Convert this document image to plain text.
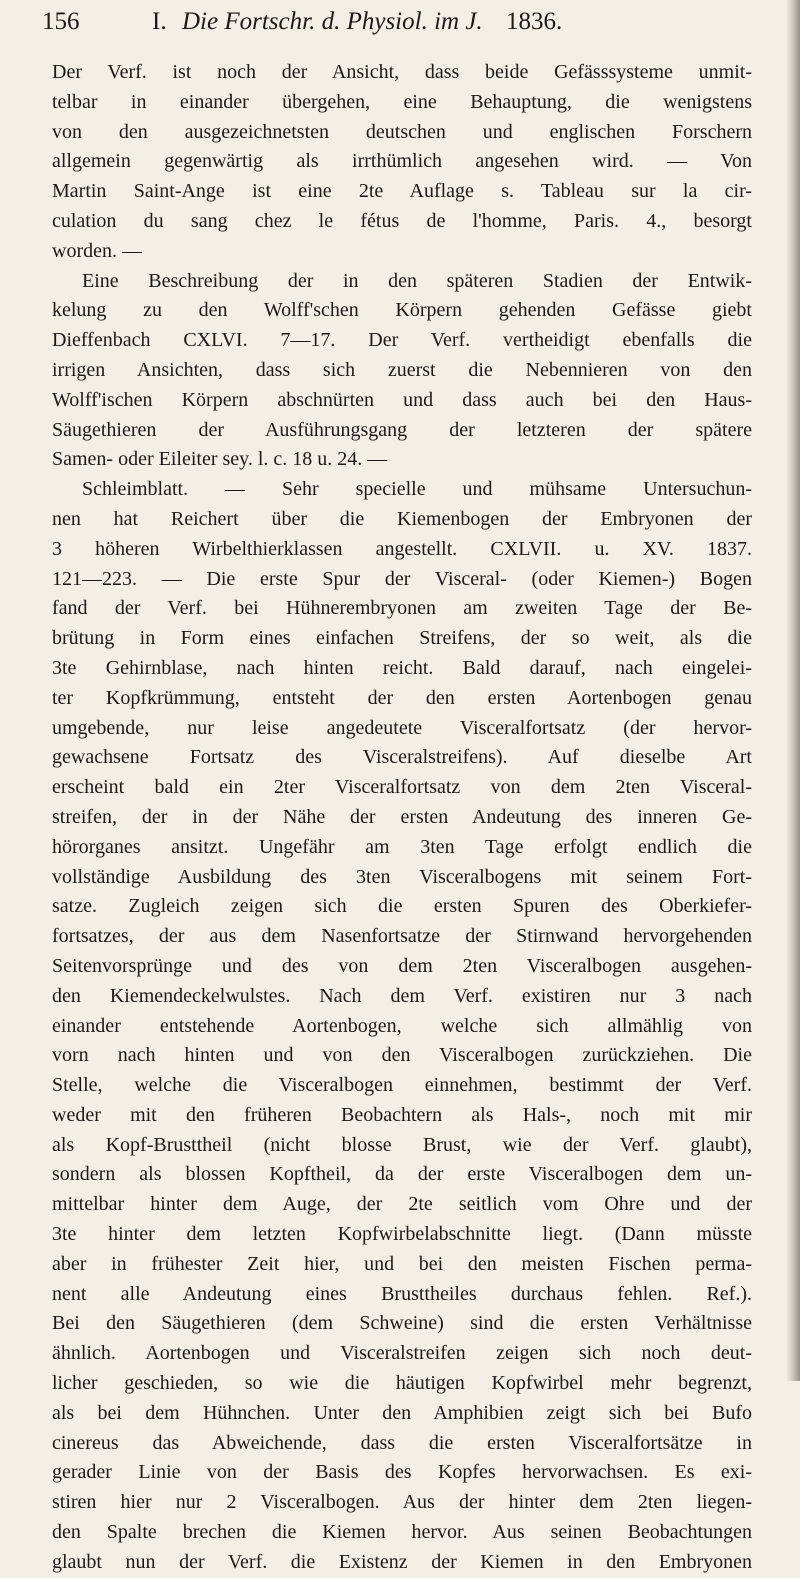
156	I. Die Fortschr. d. Physiol. im J. 1836.
Der Verf. ist noch der Ansicht, dass beide Gefässsysteme unmit-
telbar in einander übergehen, eine Behauptung, die wenigstens
von den ausgezeichnetsten deutschen und englischen Forschern
allgemein gegenwärtig als irrthümlich angesehen wird. — Von
Martin Saint-Ange ist eine 2te Auflage s. Tableau sur la cir-
culation du sang chez le fétus de l'homme, Paris. 4., besorgt
worden. —
Eine Beschreibung der in den späteren Stadien der Entwik-
kelung zu den Wolff'schen Körpern gehenden Gefässe giebt
Dieffenbach CXLVI. 7—17. Der Verf. vertheidigt ebenfalls die
irrigen Ansichten, dass sich zuerst die Nebennieren von den
Wolff'ischen Körpern abschnürten und dass auch bei den Haus-
Säugethieren der Ausführungsgang der letzteren der spätere
Samen- oder Eileiter sey. l. c. 18 u. 24. —
Schleimblatt. — Sehr specielle und mühsame Untersuchun-
nen hat Reichert über die Kiemenbogen der Embryonen der
3 höheren Wirbelthierklassen angestellt. CXLVII. u. XV. 1837.
121—223. — Die erste Spur der Visceral- (oder Kiemen-) Bogen
fand der Verf. bei Hühnerembryonen am zweiten Tage der Be-
brütung in Form eines einfachen Streifens, der so weit, als die
3te Gehirnblase, nach hinten reicht. Bald darauf, nach eingelei-
ter Kopfkrümmung, entsteht der den ersten Aortenbogen genau
umgebende, nur leise angedeutete Visceralfortsatz (der hervor-
gewachsene Fortsatz des Visceralstreifens). Auf dieselbe Art
erscheint bald ein 2ter Visceralfortsatz von dem 2ten Visceral-
streifen, der in der Nähe der ersten Andeutung des inneren Ge-
hörorganes ansitzt. Ungefähr am 3ten Tage erfolgt endlich die
vollständige Ausbildung des 3ten Visceralbogens mit seinem Fort-
satze. Zugleich zeigen sich die ersten Spuren des Oberkiefer-
fortsatzes, der aus dem Nasenfortsatze der Stirnwand hervorgehenden
Seitenvorsprünge und des von dem 2ten Visceralbogen ausgehen-
den Kiemendeckelwulstes. Nach dem Verf. existiren nur 3 nach
einander entstehende Aortenbogen, welche sich allmählig von
vorn nach hinten und von den Visceralbogen zurückziehen. Die
Stelle, welche die Visceralbogen einnehmen, bestimmt der Verf.
weder mit den früheren Beobachtern als Hals-, noch mit mir
als Kopf-Brusttheil (nicht blosse Brust, wie der Verf. glaubt),
sondern als blossen Kopftheil, da der erste Visceralbogen dem un-
mittelbar hinter dem Auge, der 2te seitlich vom Ohre und der
3te hinter dem letzten Kopfwirbelabschnitte liegt. (Dann müsste
aber in frühester Zeit hier, und bei den meisten Fischen perma-
nent alle Andeutung eines Brusttheiles durchaus fehlen. Ref.).
Bei den Säugethieren (dem Schweine) sind die ersten Verhältnisse
ähnlich. Aortenbogen und Visceralstreifen zeigen sich noch deut-
licher geschieden, so wie die häutigen Kopfwirbel mehr begrenzt,
als bei dem Hühnchen. Unter den Amphibien zeigt sich bei Bufo
cinereus das Abweichende, dass die ersten Visceralfortsätze in
gerader Linie von der Basis des Kopfes hervorwachsen. Es exi-
stiren hier nur 2 Visceralbogen. Aus der hinter dem 2ten liegen-
den Spalte brechen die Kiemen hervor. Aus seinen Beobachtungen
glaubt nun der Verf. die Existenz der Kiemen in den Embryonen
